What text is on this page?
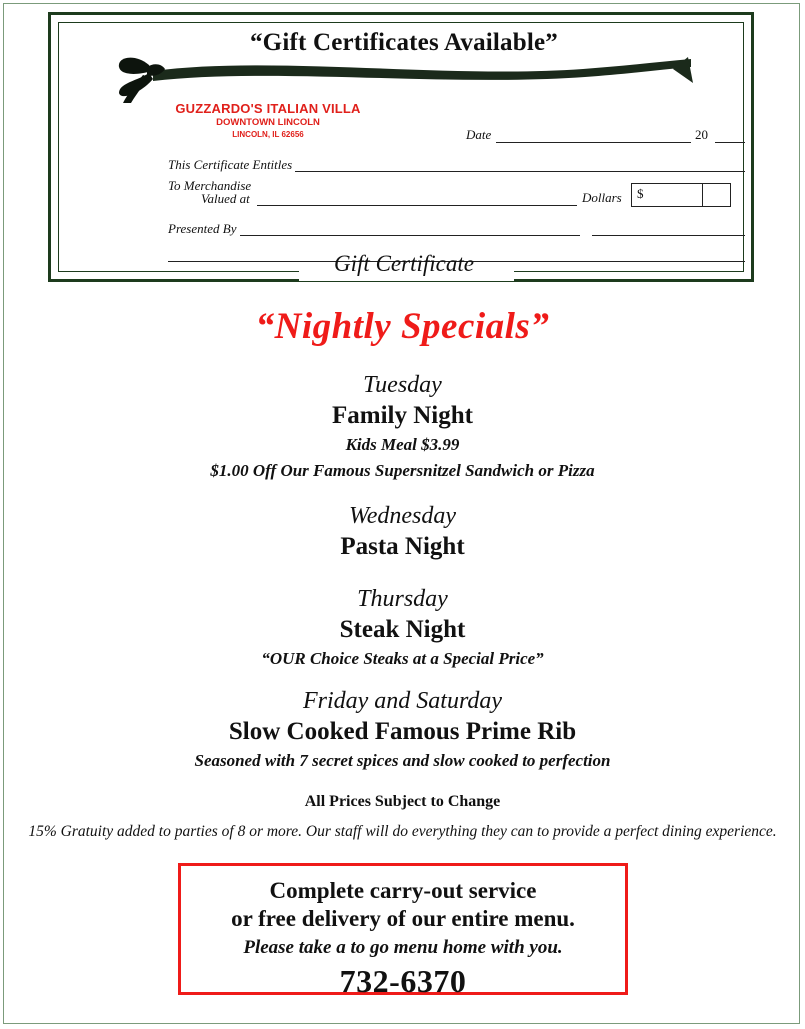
“Gift Certificates Available”
GUZZARDO'S ITALIAN VILLA
DOWNTOWN LINCOLN
LINCOLN, IL 62656	Date	20
This Certificate Entitles
To Merchandise
Valued at	Dollars $
Presented By
Gift Certificate
“Nightly Specials”
Tuesday
Family Night
Kids Meal $3.99
$1.00 Off Our Famous Supersnitzel Sandwich or Pizza
Wednesday
Pasta Night
Thursday
Steak Night
“OUR Choice Steaks at a Special Price”
Friday and Saturday
Slow Cooked Famous Prime Rib
Seasoned with 7 secret spices and slow cooked to perfection
All Prices Subject to Change
15% Gratuity added to parties of 8 or more. Our staff will do everything they can to provide a perfect dining experience.
Complete carry-out service
or free delivery of our entire menu.
Please take a to go menu home with you.
732-6370
